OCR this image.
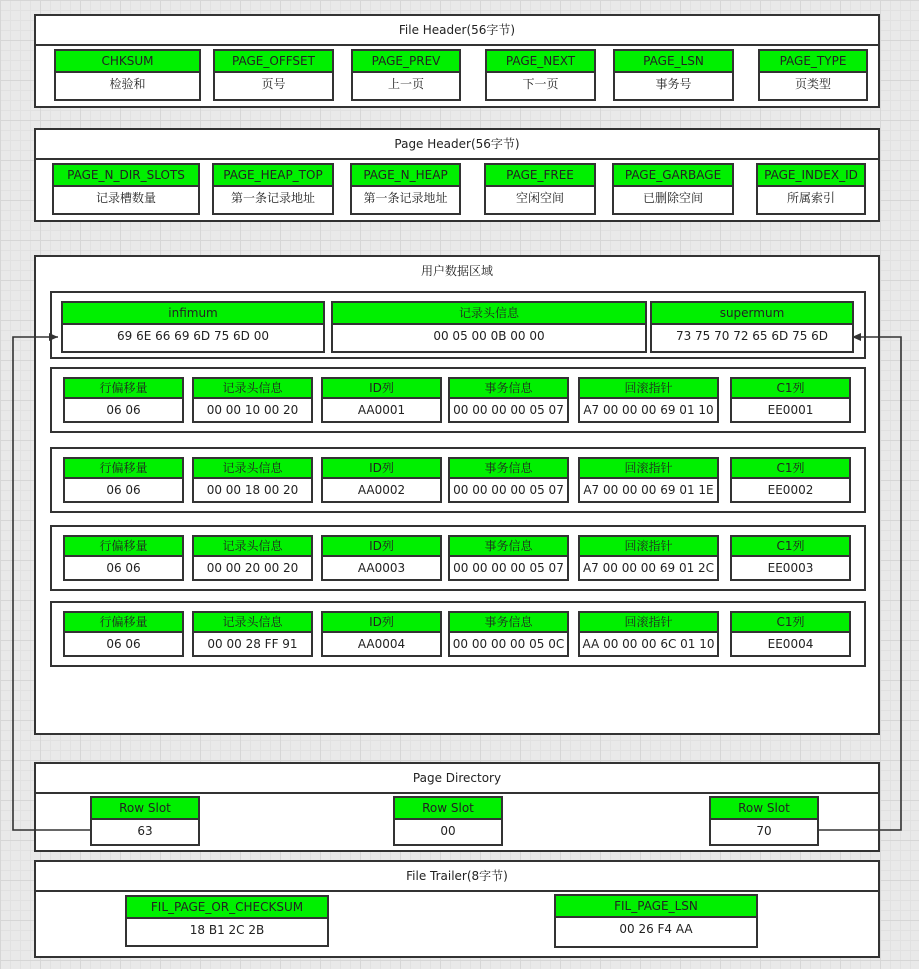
File Header(56字节)
CHKSUM
检验和
PAGE_OFFSET
页号
PAGE_PREV
上一页
PAGE_NEXT
下一页
PAGE_LSN
事务号
PAGE_TYPE
页类型
Page Header(56字节)
PAGE_N_DIR_SLOTS
记录槽数量
PAGE_HEAP_TOP
第一条记录地址
PAGE_N_HEAP
第一条记录地址
PAGE_FREE
空闲空间
PAGE_GARBAGE
已删除空间
PAGE_INDEX_ID
所属索引
用户数据区域
infimum
69 6E 66 69 6D 75 6D 00
记录头信息
00 05 00 0B 00 00
supermum
73 75 70 72 65 6D 75 6D
行偏移量
06 06
记录头信息
00 00 10 00 20
ID列
AA0001
事务信息
00 00 00 00 05 07
回滚指针
A7 00 00 00 69 01 10
C1列
EE0001
行偏移量
06 06
记录头信息
00 00 18 00 20
ID列
AA0002
事务信息
00 00 00 00 05 07
回滚指针
A7 00 00 00 69 01 1E
C1列
EE0002
行偏移量
06 06
记录头信息
00 00 20 00 20
ID列
AA0003
事务信息
00 00 00 00 05 07
回滚指针
A7 00 00 00 69 01 2C
C1列
EE0003
行偏移量
06 06
记录头信息
00 00 28 FF 91
ID列
AA0004
事务信息
00 00 00 00 05 0C
回滚指针
AA 00 00 00 6C 01 10
C1列
EE0004
Page Directory
Row Slot
63
Row Slot
00
Row Slot
70
File Trailer(8字节)
FIL_PAGE_OR_CHECKSUM
18 B1 2C 2B
FIL_PAGE_LSN
00 26 F4 AA
